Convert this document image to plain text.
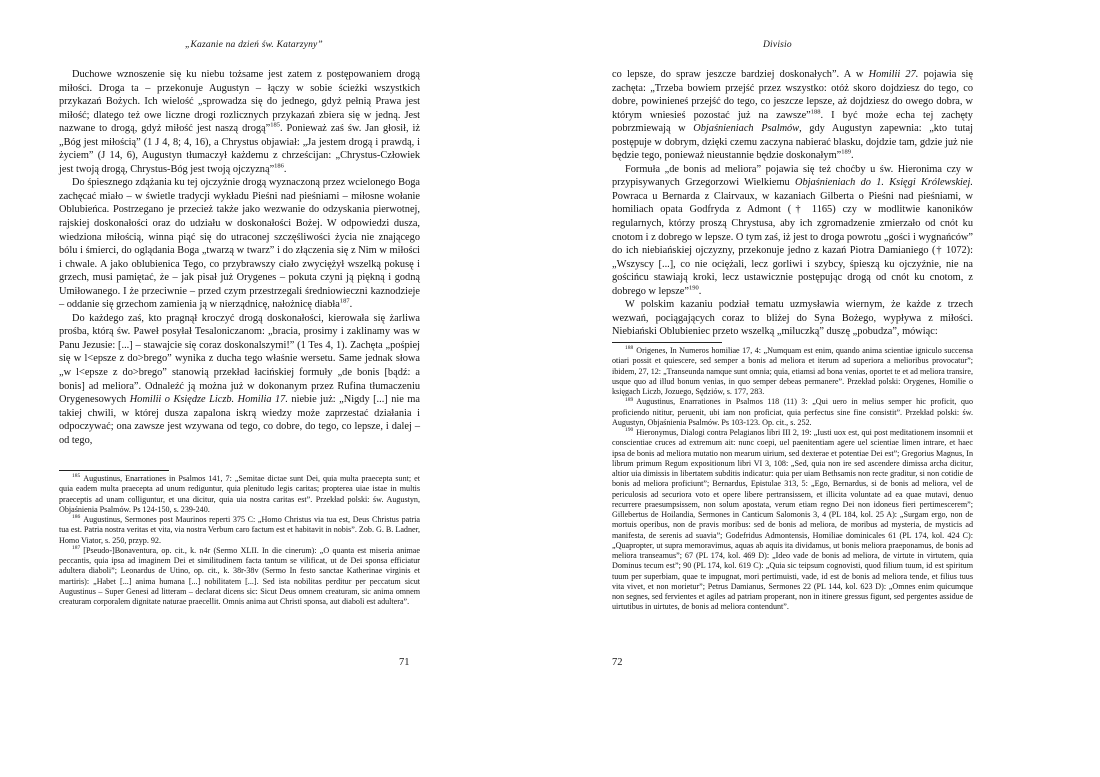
„Kazanie na dzień św. Katarzyny”

Duchowe wznoszenie się ku niebu tożsame jest zatem z postępowaniem drogą miłości. Droga ta – przekonuje Augustyn – łączy w sobie ścieżki wszystkich przykazań Bożych. Ich wielość „sprowadza się do jednego, gdyż pełnią Prawa jest miłość; dlatego też owe liczne drogi rozlicznych przykazań zbiera się w jedną. Jest nazwane to drogą, gdyż miłość jest naszą drogą”$^{185}$. Ponieważ zaś św. Jan głosił, iż „Bóg jest miłością” (1 J 4, 8; 4, 16), a Chrystus objawiał: „Ja jestem drogą i prawdą, i życiem” (J 14, 6), Augustyn tłumaczył każdemu z chrześcijan: „Chrystus-Człowiek jest twoją drogą, Chrystus-Bóg jest twoją ojczyzną”$^{186}$.

Do śpiesznego zdążania ku tej ojczyźnie drogą wyznaczoną przez wcielonego Boga zachęcać miało – w świetle tradycji wykładu Pieśni nad pieśniami – miłosne wołanie Oblubieńca. Postrzegano je przecież także jako wezwanie do odzyskania pierwotnej, rajskiej doskonałości oraz do udziału w doskonałości Bożej. W odpowiedzi dusza, wiedziona miłością, winna piąć się do utraconej szczęśliwości życia nie znającego bólu i śmierci, do oglądania Boga „twarzą w twarz” i do złączenia się z Nim w miłości i chwale. A jako oblubienica Tego, co przybrawszy ciało zwyciężył wszelką pokusę i grzech, musi pamiętać, że – jak pisał już Orygenes – pokuta czyni ją piękną i godną Umiłowanego. I że przeciwnie – przed czym przestrzegali średniowieczni kaznodzieje – oddanie się grzechom zamienia ją w nierządnicę, nałożnicę diabła$^{187}$.

Do każdego zaś, kto pragnął kroczyć drogą doskonałości, kierowała się żarliwa prośba, którą św. Paweł posyłał Tesaloniczanom: „bracia, prosimy i zaklinamy was w Panu Jezusie: [...] – stawajcie się coraz doskonalszymi!” (1 Tes 4, 1). Zachęta „pośpiej się w l<epsze z do>brego” wynika z ducha tego właśnie wersetu. Same jednak słowa „w l<epsze z do>brego” stanowią przekład łacińskiej formuły „de bonis [bądź: a bonis] ad meliora”. Odnaleźć ją można już w dokonanym przez Rufina tłumaczeniu Orygenesowych Homilii o Księdze Liczb. Homilia 17. niebie już: „Nigdy [...] nie ma takiej chwili, w której dusza zapalona iskrą wiedzy może zaprzestać działania i odpoczywać; ona zawsze jest wzywana od tego, co dobre, do tego, co lepsze, i dalej – od tego,

$^{185}$ Augustinus, Enarrationes in Psalmos 141, 7: „Semitae dictae sunt Dei, quia multa praecepta sunt; et quia eadem multa praecepta ad unum rediguntur, quia plenitudo legis caritas; propterea uiae istae in multis praeceptis ad unam colliguntur, et una dicitur, quia uia nostra caritas est”. Przekład polski: św. Augustyn, Objaśnienia Psalmów. Ps 124-150, s. 239-240.

$^{186}$ Augustinus, Sermones post Maurinos reperti 375 C: „Homo Christus via tua est, Deus Christus patria tua est. Patria nostra veritas et vita, via nostra Verbum caro factum est et habitavit in nobis”. Zob. G. B. Ladner, Homo Viator, s. 250, przyp. 92.

$^{187}$ [Pseudo-]Bonaventura, op. cit., k. n4r (Sermo XLII. In die cinerum): „O quanta est miseria animae peccantis, quia ipsa ad imaginem Dei et similitudinem facta tantum se vilificat, ut de Dei sponsa efficiatur adultera diaboli”; Leonardus de Utino, op. cit., k. 38r-38v (Sermo In festo sanctae Katherinae virginis et martiris): „Habet [...] anima humana [...] nobilitatem [...]. Sed ista nobilitas perditur per peccatum sicut Augustinus – Super Genesi ad litteram – declarat dicens sic: Sicut Deus omnem creaturam, sic anima omnem creaturam corporalem dignitate naturae praecellit. Omnis anima aut Christi sponsa, aut diaboli est adultera”.

71
Divisio

co lepsze, do spraw jeszcze bardziej doskonałych”. A w Homilii 27. pojawia się zachęta: „Trzeba bowiem przejść przez wszystko: otóż skoro dojdziesz do tego, co dobre, powinieneś przejść do tego, co jeszcze lepsze, aż dojdziesz do owego dobra, w którym wniesieś pozostać już na zawsze”$^{188}$. I być może echa tej zachęty pobrzmiewają w Objaśnieniach Psalmów, gdy Augustyn zapewnia: „kto tutaj postępuje w dobrym, dzięki czemu zaczyna nabierać blasku, dojdzie tam, gdzie już nie będzie tego, ponieważ nieustannie będzie doskonałym”$^{189}$.

Formuła „de bonis ad meliora” pojawia się też choćby u św. Hieronima czy w przypisywanych Grzegorzowi Wielkiemu Objaśnieniach do 1. Księgi Królewskiej. Powraca u Bernarda z Clairvaux, w kazaniach Gilberta o Pieśni nad pieśniami, w homiliach opata Godfryda z Admont († 1165) czy w modlitwie kanoników regularnych, którzy proszą Chrystusa, aby ich zgromadzenie zmierzało od cnót ku cnotom i z dobrego w lepsze. O tym zaś, iż jest to droga powrotu „gości i wygnańców” do ich niebiańskiej ojczyzny, przekonuje jedno z kazań Piotra Damianiego († 1072): „Wszyscy [...], co nie ociężali, lecz gorliwi i szybcy, śpieszą ku ojczyźnie, nie na gościńcu stawiają kroki, lecz ustawicznie postępując drogą od cnót ku cnotom, z dobrego w lepsze”$^{190}$.

W polskim kazaniu podział tematu uzmysławia wiernym, że każde z trzech wezwań, pociągających coraz to bliżej do Syna Bożego, wypływa z miłości. Niebiański Oblubieniec przeto wszelką „miluczką” duszę „pobudza”, mówiąc:

$^{188}$ Origenes, In Numeros homiliae 17, 4: „Numquam est enim, quando anima scientiae igniculo succensa otiari possit et quiescere, sed semper a bonis ad meliora et iterum ad superiora a melioribus provocatur”; ibidem, 27, 12: „Transeunda namque sunt omnia; quia, etiamsi ad bona venias, oportet te et ad meliora transire, usque quo ad illud bonum venias, in quo semper debeas permanere”. Przekład polski: Orygenes, Homilie o księgach Liczb, Jozuego, Sędziów, s. 177, 283.

$^{189}$ Augustinus, Enarrationes in Psalmos 118 (11) 3: „Qui uero in melius semper hic proficit, quo proficiendo nititur, peruenit, ubi iam non proficiat, quia perfectus sine fine consistit”. Przekład polski: św. Augustyn, Objaśnienia Psalmów. Ps 103-123. Op. cit., s. 252.

$^{190}$ Hieronymus, Dialogi contra Pelagianos libri III 2, 19: „Iusti uox est, qui post meditationem insomnii et conscientiae cruces ad extremum ait: nunc coepi, uel paenitentiam agere uel scientiae limen intrare, et haec ipsa de bonis ad meliora mutatio non mearum uirium, sed dexterae et potentiae Dei est”; Gregorius Magnus, In librum primum Regum expositionum libri VI 3, 108: „Sed, quia non ire sed ascendere dimissa archa dicitur, altior uia dimissis in libertatem subditis indicatur: quia per uiam Bethsamis non recte graditur, si non cotidie de bonis ad meliora proficiunt”; Bernardus, Epistulae 313, 5: „Ego, Bernardus, si de bonis ad meliora, vel de periculosis ad securiora voto et opere libere pertransissem, et illicita voluntate ad ea quae mutavi, denuo recurrere praesumpsissem, non solum apostata, verum etiam regno Dei non idoneus fieri pertimescerem”; Gillebertus de Hoilandia, Sermones in Canticum Salomonis 3, 4 (PL 184, kol. 25 A): „Surgam ergo, non de mortuis operibus, non de pravis moribus: sed de bonis ad meliora, de moribus ad mysteria, de mysticis ad manifesta, de serenis ad suavia”; Godefridus Admontensis, Homiliae dominicales 61 (PL 174, kol. 424 C): „Quapropter, ut supra memoravimus, aquas ab aquis ita dividamus, ut bonis meliora praeponamus, de bonis ad meliora transeamus”; 67 (PL 174, kol. 469 D): „Ideo vade de bonis ad meliora, de virtute in virtutem, quia Dominus tecum est”; 90 (PL 174, kol. 619 C): „Quia sic teipsum cognovisti, quod filium tuum, id est spiritum tuum per superbiam, quae te impugnat, mori pertimuisti, vade, id est de bonis ad meliora tende, et filius tuus vita vivet, et non morietur”; Petrus Damianus, Sermones 22 (PL 144, kol. 623 D): „Omnes enim quicumque non segnes, sed fervientes et agiles ad patriam properant, non in itinere gressus figunt, sed pergentes assidue de uirtutibus in uirtutes, de bonis ad meliora contendunt”.

72
